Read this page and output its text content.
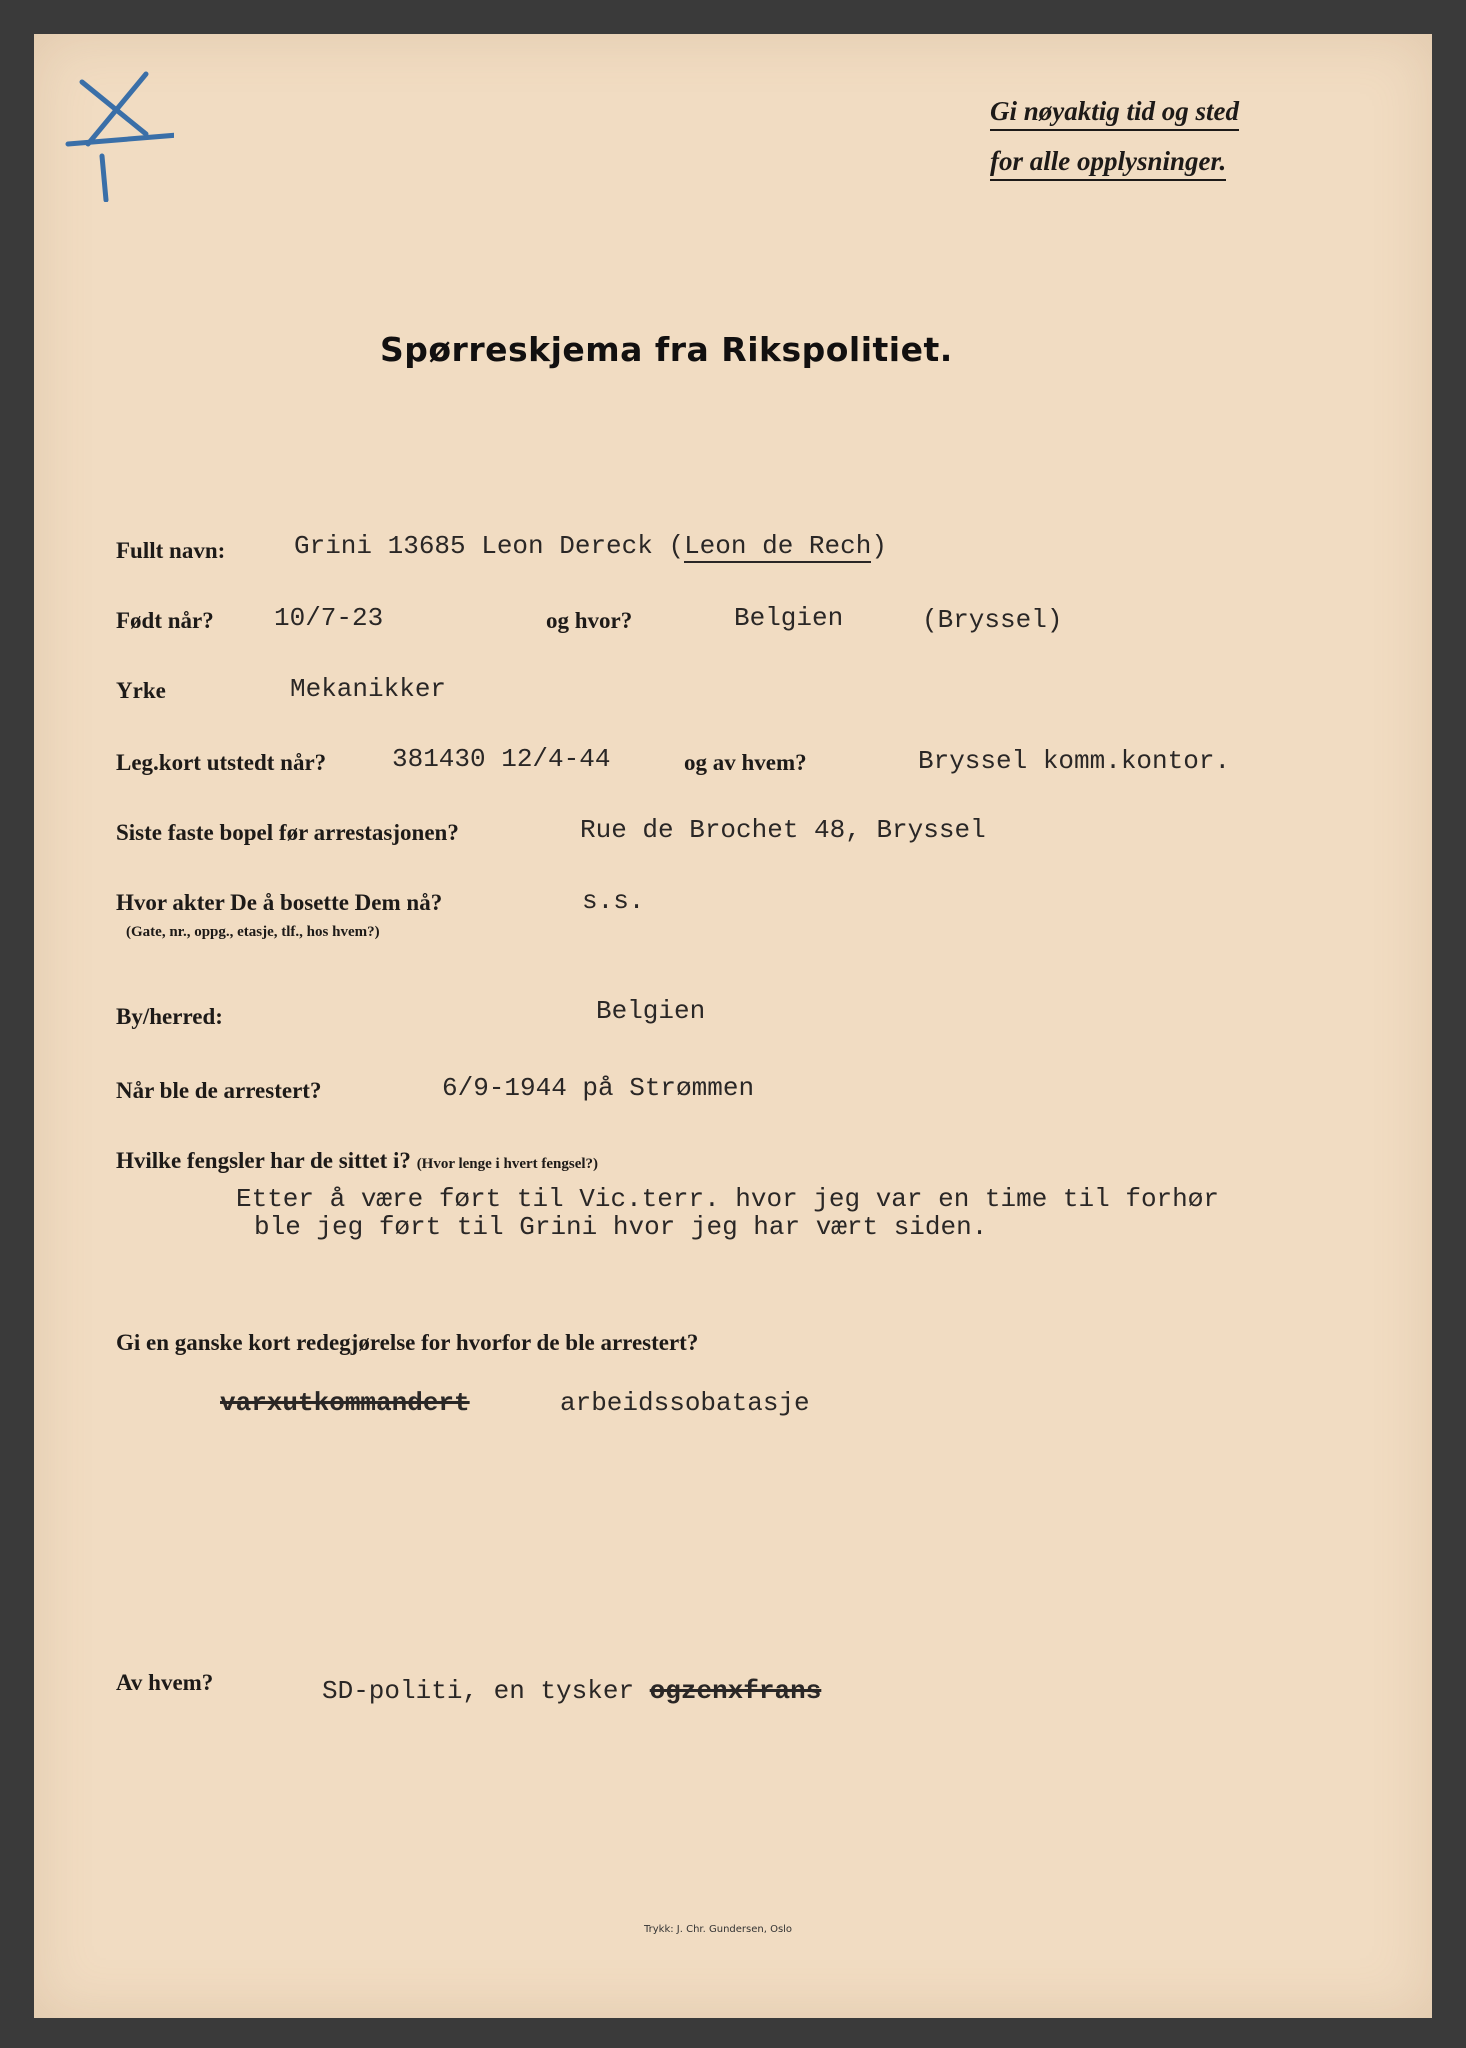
Gi nøyaktig tid og sted
for alle opplysninger.
Spørreskjema fra Rikspolitiet.
Fullt navn:	Grini 13685 Leon Dereck (Leon de Rech)
Født når? 10/7-23	og hvor?	Belgien	(Bryssel)
Yrke	Mekanikker
Leg.kort utstedt når?	381430 12/4-44	og av hvem?	Bryssel komm.kontor.
Siste faste bopel før arrestasjonen?	Rue de Brochet 48, Bryssel
Hvor akter De å bosette Dem nå?	s.s.
(Gate, nr., oppg., etasje, tlf., hos hvem?)
By/herred:	Belgien
Når ble de arrestert?	6/9-1944 på Strømmen
Hvilke fengsler har de sittet i? (Hvor lenge i hvert fengsel?)
Etter å være ført til Vic.terr. hvor jeg var en time til forhør
ble jeg ført til Grini hvor jeg har vært siden.
Gi en ganske kort redegjørelse for hvorfor de ble arrestert?
varxutkommandert	arbeidssobatasje
Av hvem?	SD-politi, en tysker ogzenxfrans
Trykk: J. Chr. Gundersen, Oslo
